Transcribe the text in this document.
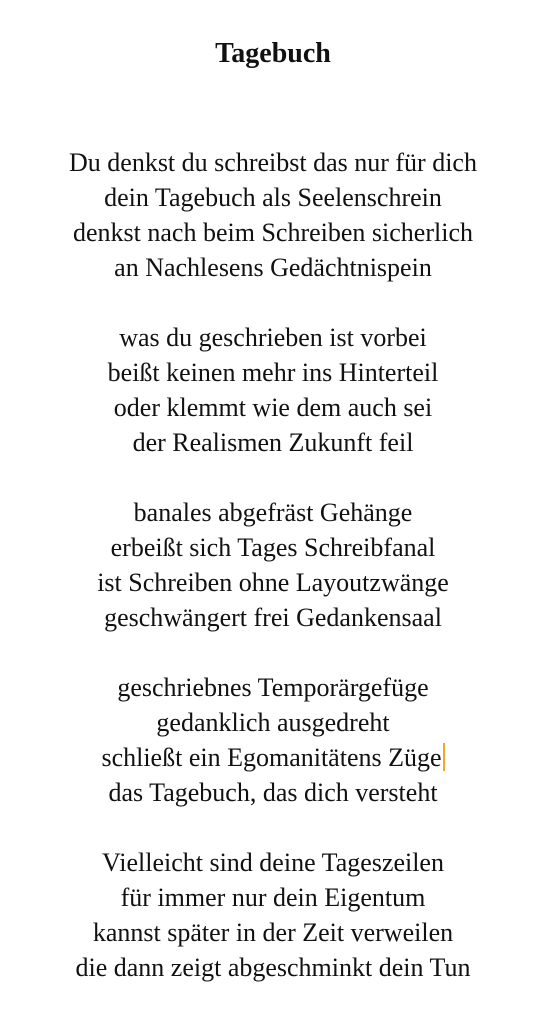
Tagebuch

Du denkst du schreibst das nur für dich
dein Tagebuch als Seelenschrein
denkst nach beim Schreiben sicherlich
an Nachlesens Gedächtnispein

was du geschrieben ist vorbei
beißt keinen mehr ins Hinterteil
oder klemmt wie dem auch sei
der Realismen Zukunft feil

banales abgefräst Gehänge
erbeißt sich Tages Schreibfanal
ist Schreiben ohne Layoutzwänge
geschwängert frei Gedankensaal

geschriebnes Temporärgefüge
gedanklich ausgedreht
schließt ein Egomanitätens Züge
das Tagebuch, das dich versteht

Vielleicht sind deine Tageszeilen
für immer nur dein Eigentum
kannst später in der Zeit verweilen
die dann zeigt abgeschminkt dein Tun
